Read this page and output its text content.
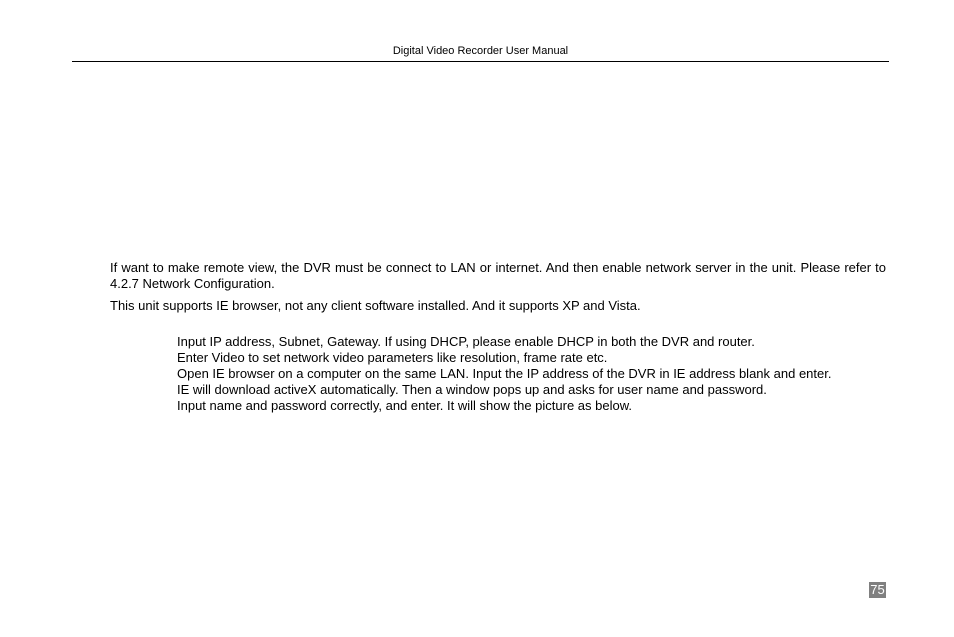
Digital Video Recorder User Manual

If want to make remote view, the DVR must be connect to LAN or internet. And then enable network server in the unit. Please refer to 4.2.7 Network Configuration.

This unit supports IE browser, not any client software installed. And it supports XP and Vista.

Input IP address, Subnet, Gateway. If using DHCP, please enable DHCP in both the DVR and router.

Enter Video to set network video parameters like resolution, frame rate etc.

Open IE browser on a computer on the same LAN. Input the IP address of the DVR in IE address blank and enter.

IE will download activeX automatically. Then a window pops up and asks for user name and password.

Input name and password correctly, and enter. It will show the picture as below.

75
